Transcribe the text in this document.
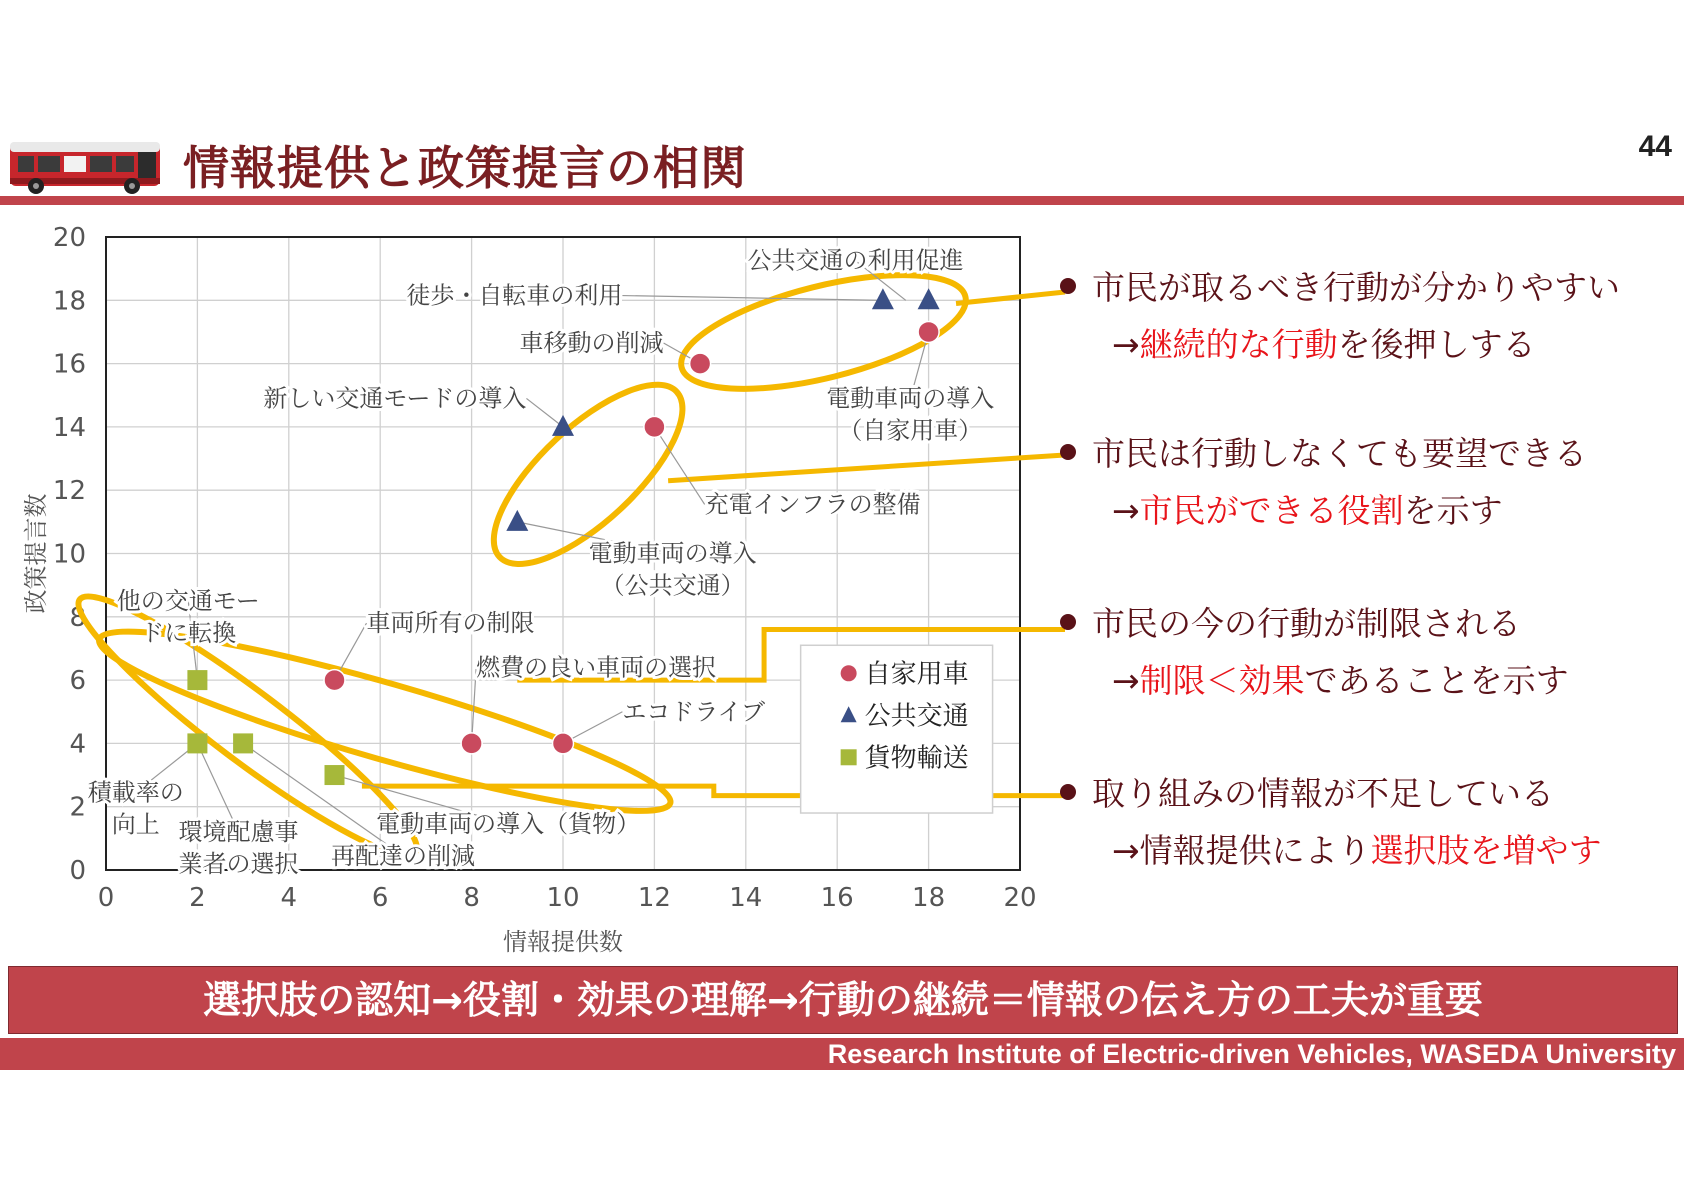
情報提供と政策提言の相関	44
0	2	4	6	8	10 12 14 16 18 20
0
2
4
6
8
10
12
14
16
18
20
情報提供数
政策提言数
公共交通の利用促進
徒歩・自転車の利用
車移動の削減
電動車両の導入
（自家用車）
新しい交通モードの導入
充電インフラの整備
電動車両の導入
（公共交通）
車両所有の制限
燃費の良い車両の選択
エコドライブ
他の交通モー
ドに転換
積載率の
向上 環境配慮事
業者の選択 再配達の削減
電動車両の導入（貨物）
自家用車
公共交通
貨物輸送
市民が取るべき行動が分かりやすい
→継続的な行動を後押しする
市民は行動しなくても要望できる
→市民ができる役割を示す
市民の今の行動が制限される
→制限＜効果であることを示す
取り組みの情報が不足している
→情報提供により選択肢を増やす
選択肢の認知→役割・効果の理解→行動の継続＝情報の伝え方の工夫が重要
Research Institute of Electric-driven Vehicles, WASEDA University
